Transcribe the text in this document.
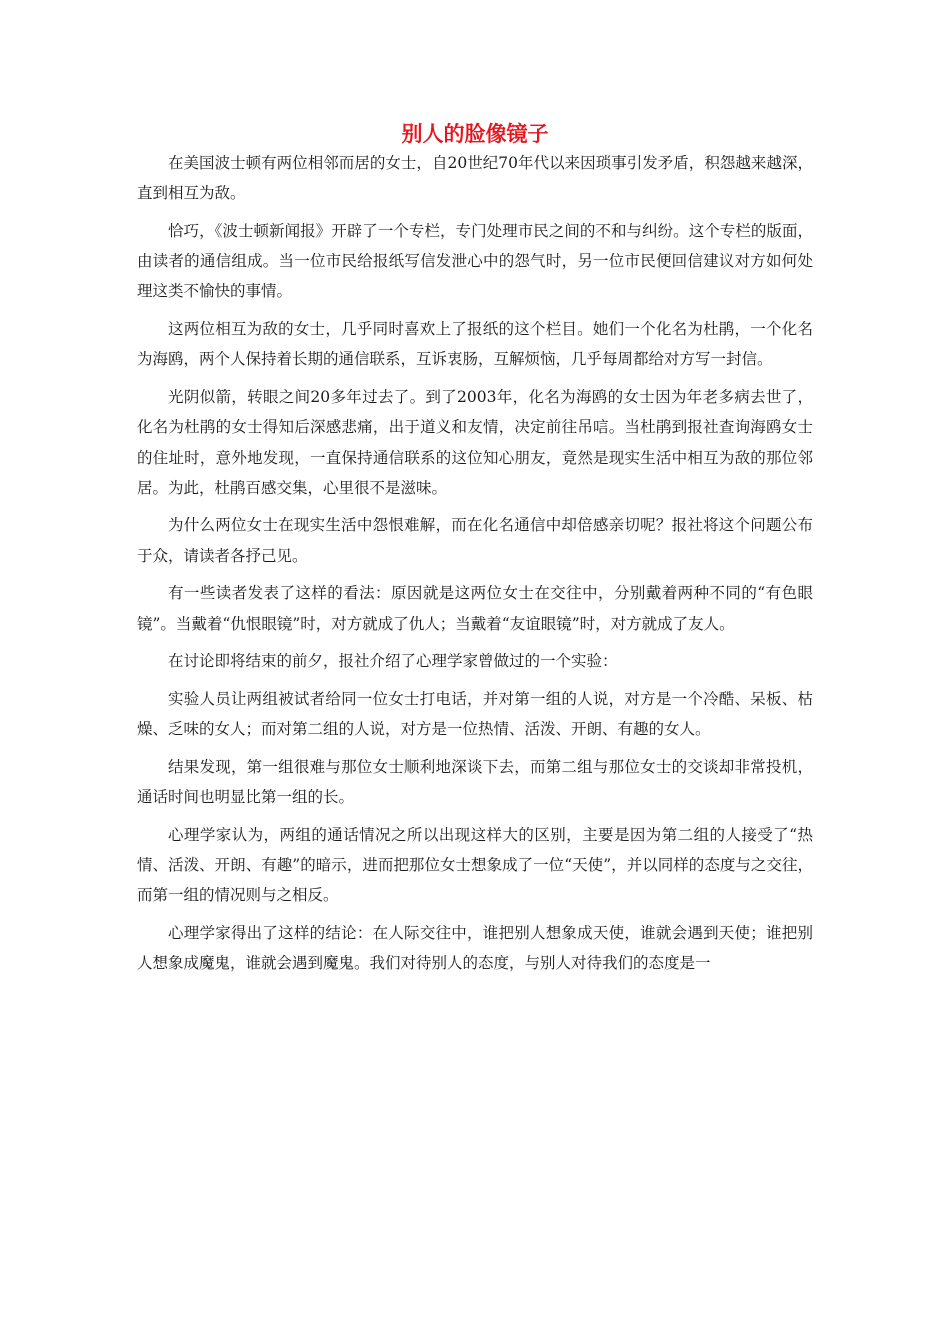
别人的脸像镜子

在美国波士顿有两位相邻而居的女士，自20世纪70年代以来因琐事引发矛盾，积怨越来越深，直到相互为敌。

恰巧，《波士顿新闻报》开辟了一个专栏，专门处理市民之间的不和与纠纷。这个专栏的版面，由读者的通信组成。当一位市民给报纸写信发泄心中的怨气时，另一位市民便回信建议对方如何处理这类不愉快的事情。

这两位相互为敌的女士，几乎同时喜欢上了报纸的这个栏目。她们一个化名为杜鹃，一个化名为海鸥，两个人保持着长期的通信联系，互诉衷肠，互解烦恼，几乎每周都给对方写一封信。

光阴似箭，转眼之间20多年过去了。到了2003年，化名为海鸥的女士因为年老多病去世了，化名为杜鹃的女士得知后深感悲痛，出于道义和友情，决定前往吊唁。当杜鹃到报社查询海鸥女士的住址时，意外地发现，一直保持通信联系的这位知心朋友，竟然是现实生活中相互为敌的那位邻居。为此，杜鹃百感交集，心里很不是滋味。

为什么两位女士在现实生活中怨恨难解，而在化名通信中却倍感亲切呢？报社将这个问题公布于众，请读者各抒己见。

有一些读者发表了这样的看法：原因就是这两位女士在交往中，分别戴着两种不同的“有色眼镜”。当戴着“仇恨眼镜”时，对方就成了仇人；当戴着“友谊眼镜”时，对方就成了友人。

在讨论即将结束的前夕，报社介绍了心理学家曾做过的一个实验：

实验人员让两组被试者给同一位女士打电话，并对第一组的人说，对方是一个冷酷、呆板、枯燥、乏味的女人；而对第二组的人说，对方是一位热情、活泼、开朗、有趣的女人。

结果发现，第一组很难与那位女士顺利地深谈下去，而第二组与那位女士的交谈却非常投机，通话时间也明显比第一组的长。

心理学家认为，两组的通话情况之所以出现这样大的区别，主要是因为第二组的人接受了“热情、活泼、开朗、有趣”的暗示，进而把那位女士想象成了一位“天使”，并以同样的态度与之交往，而第一组的情况则与之相反。

心理学家得出了这样的结论：在人际交往中，谁把别人想象成天使，谁就会遇到天使；谁把别人想象成魔鬼，谁就会遇到魔鬼。我们对待别人的态度，与别人对待我们的态度是一
